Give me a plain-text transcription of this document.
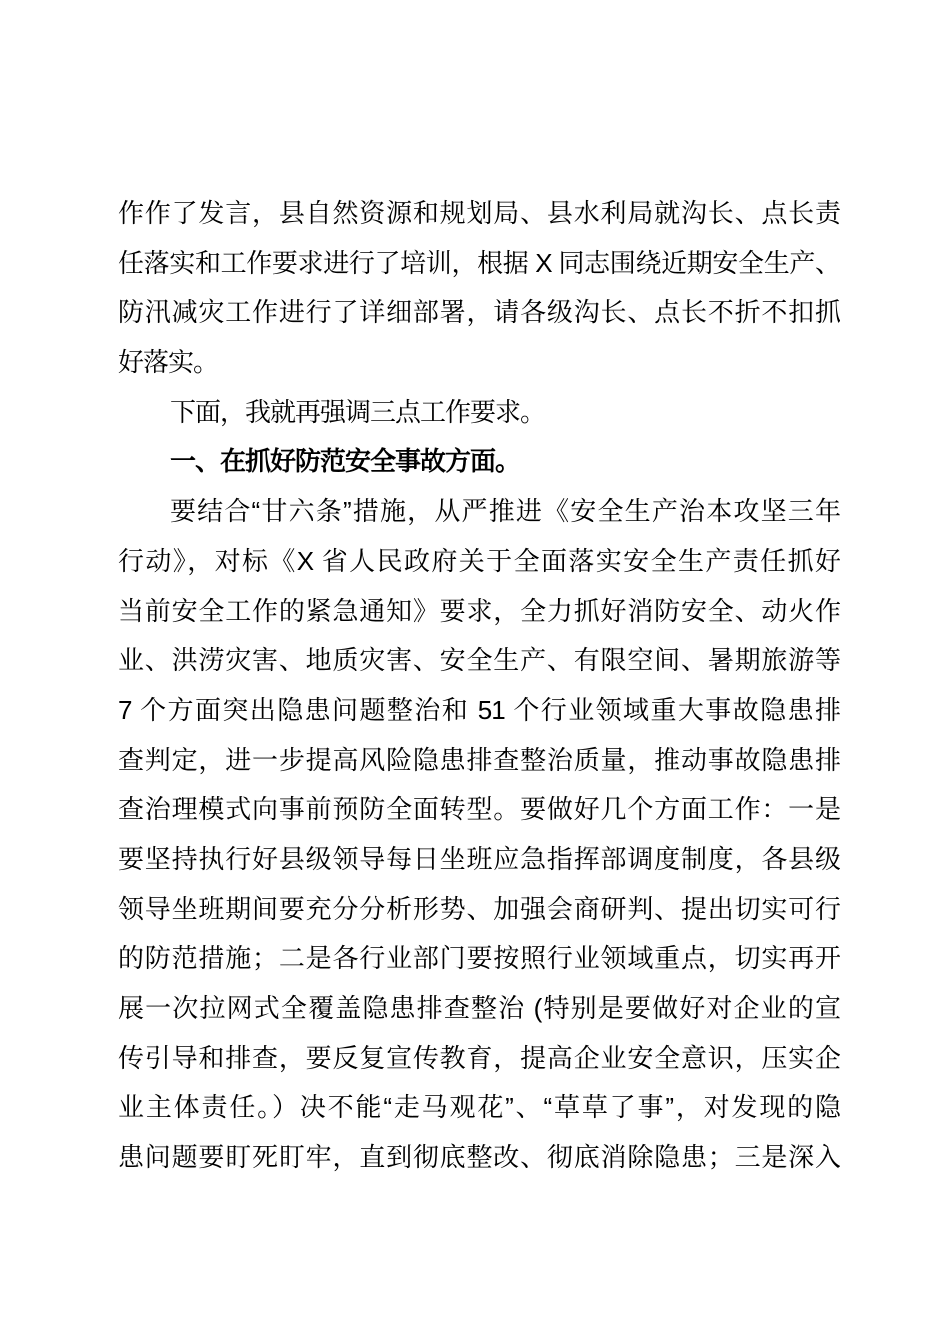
作作了发言，县自然资源和规划局、县水利局就沟长、点长责
任落实和工作要求进行了培训，根据 X 同志围绕近期安全生产、
防汛减灾工作进行了详细部署，请各级沟长、点长不折不扣抓
好落实。
下面，我就再强调三点工作要求。
一、在抓好防范安全事故方面。
要结合“甘六条”措施，从严推进《安全生产治本攻坚三年
行动》，对标《X 省人民政府关于全面落实安全生产责任抓好
当前安全工作的紧急通知》要求，全力抓好消防安全、动火作
业、洪涝灾害、地质灾害、安全生产、有限空间、暑期旅游等
7 个方面突出隐患问题整治和 51 个行业领域重大事故隐患排
查判定，进一步提高风险隐患排查整治质量，推动事故隐患排
查治理模式向事前预防全面转型。要做好几个方面工作：一是
要坚持执行好县级领导每日坐班应急指挥部调度制度，各县级
领导坐班期间要充分分析形势、加强会商研判、提出切实可行
的防范措施；二是各行业部门要按照行业领域重点，切实再开
展一次拉网式全覆盖隐患排查整治 (特别是要做好对企业的宣
传引导和排查，要反复宣传教育，提高企业安全意识，压实企
业主体责任。）决不能“走马观花”、“草草了事”，对发现的隐
患问题要盯死盯牢，直到彻底整改、彻底消除隐患；三是深入
